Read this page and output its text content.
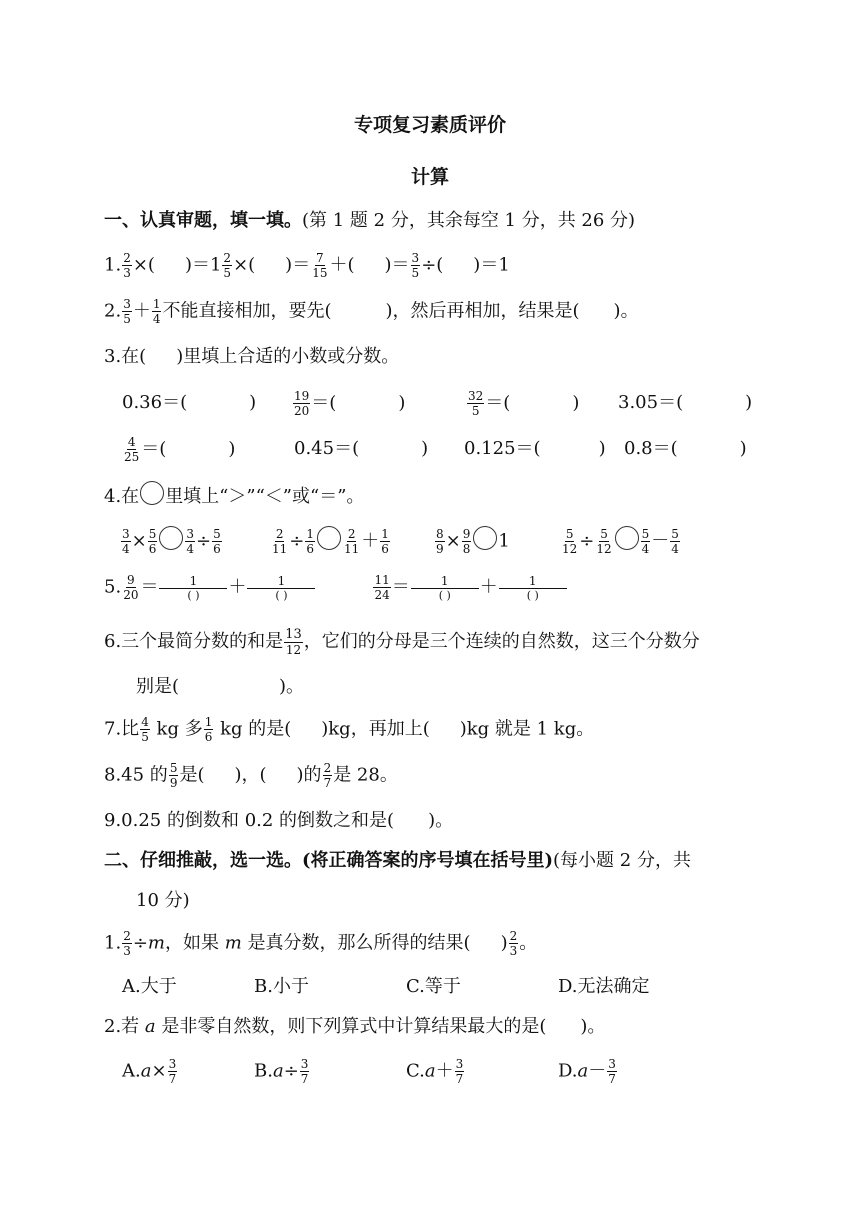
专项复习素质评价
计算
一、认真审题，填一填。(第 1 题 2 分，其余每空 1 分，共 26 分)
1. $\frac{2}{3}$ ×( )$=1 \frac{2}{5}$ ×( )＝ $\frac{7}{15}$ ＋( )＝ $\frac{3}{5}$ ÷( )＝1
2. $\frac{3}{5} + \frac{1}{4}$ 不能直接相加，要先(	)，然后再相加，结果是( )。
3.在( )里填上合适的小数或分数。
0.36＝(	)	$\frac{19}{20}$ ＝(	)	$\frac{32}{5}$ ＝(	) 3.05＝(	)
$\frac{4}{25}$ ＝(	)	0.45＝(	) 0.125＝(	) 0.8＝(	)
4.在 里填上“＞”“＜”或“＝”。
$\frac{3}{4} \times \frac{5}{6} \frac{3}{4} \div \frac{5}{6}$	$\frac{2}{11} \div \frac{1}{6} \frac{2}{11} + \frac{1}{6}$	$\frac{8}{9} \times \frac{9}{8} 1$	$\frac{5}{12} \div \frac{5}{12} \frac{5}{4} - \frac{5}{4}$
5. $\frac{9}{20}$ ＝	1
( ) ＋	1
( )	$\frac{11}{24}$ ＝	1
( ) ＋	1
( )
6.三个最简分数的和是 $\frac{13}{12}$ ，它们的分母是三个连续的自然数，这三个分数分
别是(	)。
7.比 $\frac{4}{5}$ kg 多 $\frac{1}{6}$ kg 的是( )kg，再加上( )kg 就是 1 kg。
8.45 的 $\frac{5}{9}$ 是( )，( )的 $\frac{2}{7}$ 是 28。
9.0.25 的倒数和 0.2 的倒数之和是( )。
二、仔细推敲，选一选。(将正确答案的序号填在括号里)(每小题 2 分，共
10 分)
1. $\frac{2}{3} \div m$，如果 m 是真分数，那么所得的结果( ) $\frac{2}{3}$ 。
A.大于	B.小于	C.等于	D.无法确定
2.若 a 是非零自然数，则下列算式中计算结果最大的是( )。
$A.a\times \frac{3}{7}$	$B.a\div \frac{3}{7}$	$C.a+ \frac{3}{7}$	$D.a- \frac{3}{7}$
